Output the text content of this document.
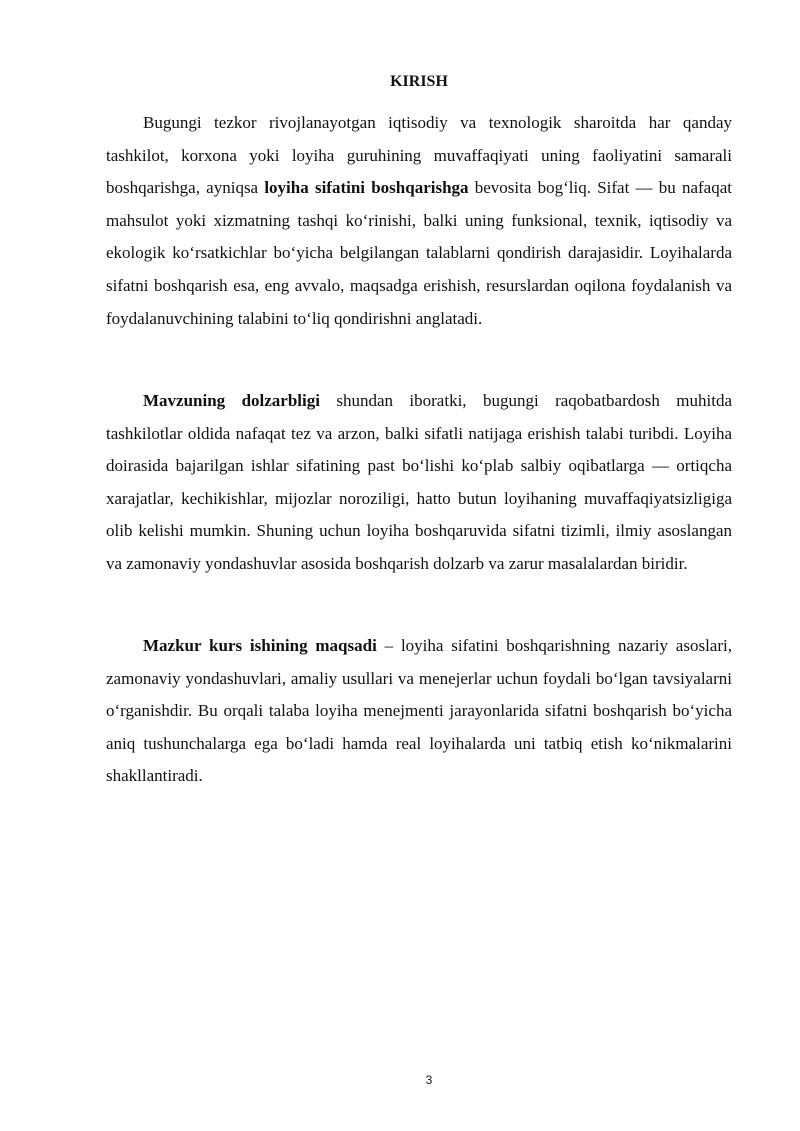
KIRISH

Bugungi tezkor rivojlanayotgan iqtisodiy va texnologik sharoitda har qanday tashkilot, korxona yoki loyiha guruhining muvaffaqiyati uning faoliyatini samarali boshqarishga, ayniqsa loyiha sifatini boshqarishga bevosita bog‘liq. Sifat — bu nafaqat mahsulot yoki xizmatning tashqi ko‘rinishi, balki uning funksional, texnik, iqtisodiy va ekologik ko‘rsatkichlar bo‘yicha belgilangan talablarni qondirish darajasidir. Loyihalarda sifatni boshqarish esa, eng avvalo, maqsadga erishish, resurslardan oqilona foydalanish va foydalanuvchining talabini to‘liq qondirishni anglatadi.

Mavzuning dolzarbligi shundan iboratki, bugungi raqobatbardosh muhitda tashkilotlar oldida nafaqat tez va arzon, balki sifatli natijaga erishish talabi turibdi. Loyiha doirasida bajarilgan ishlar sifatining past bo‘lishi ko‘plab salbiy oqibatlarga — ortiqcha xarajatlar, kechikishlar, mijozlar noroziligi, hatto butun loyihaning muvaffaqiyatsizligiga olib kelishi mumkin. Shuning uchun loyiha boshqaruvida sifatni tizimli, ilmiy asoslangan va zamonaviy yondashuvlar asosida boshqarish dolzarb va zarur masalalardan biridir.

Mazkur kurs ishining maqsadi – loyiha sifatini boshqarishning nazariy asoslari, zamonaviy yondashuvlari, amaliy usullari va menejerlar uchun foydali bo‘lgan tavsiyalarni o‘rganishdir. Bu orqali talaba loyiha menejmenti jarayonlarida sifatni boshqarish bo‘yicha aniq tushunchalarga ega bo‘ladi hamda real loyihalarda uni tatbiq etish ko‘nikmalarini shakllantiradi.

3
